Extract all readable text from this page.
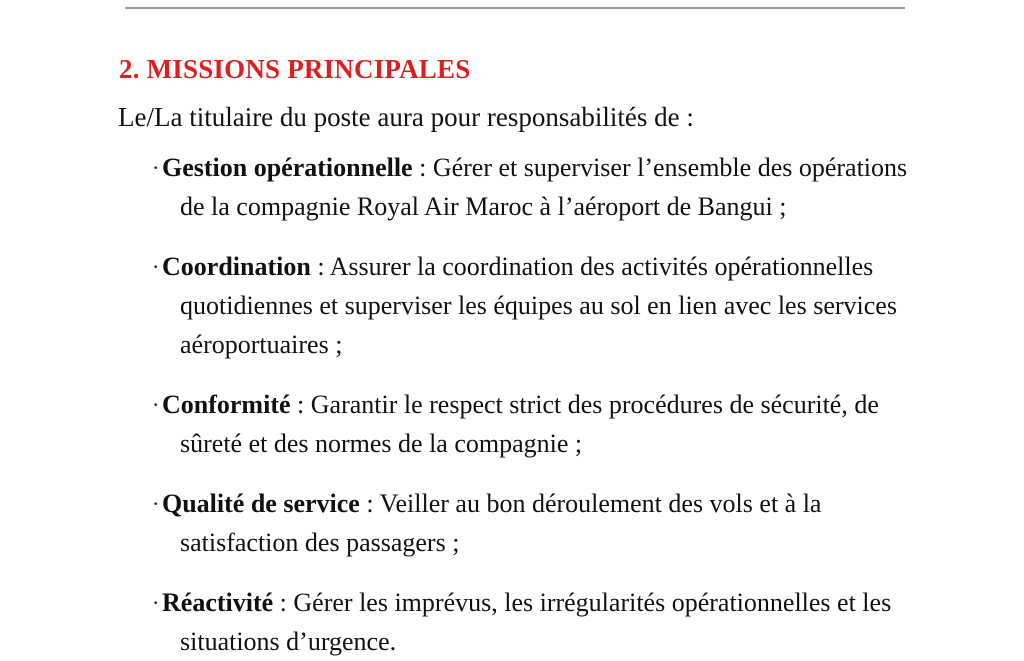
2. MISSIONS PRINCIPALES
Le/La titulaire du poste aura pour responsabilités de :
· Gestion opérationnelle : Gérer et superviser l’ensemble des opérations de la compagnie Royal Air Maroc à l’aéroport de Bangui ;
· Coordination : Assurer la coordination des activités opérationnelles quotidiennes et superviser les équipes au sol en lien avec les services aéroportuaires ;
· Conformité : Garantir le respect strict des procédures de sécurité, de sûreté et des normes de la compagnie ;
· Qualité de service : Veiller au bon déroulement des vols et à la satisfaction des passagers ;
· Réactivité : Gérer les imprévus, les irrégularités opérationnelles et les situations d’urgence.
